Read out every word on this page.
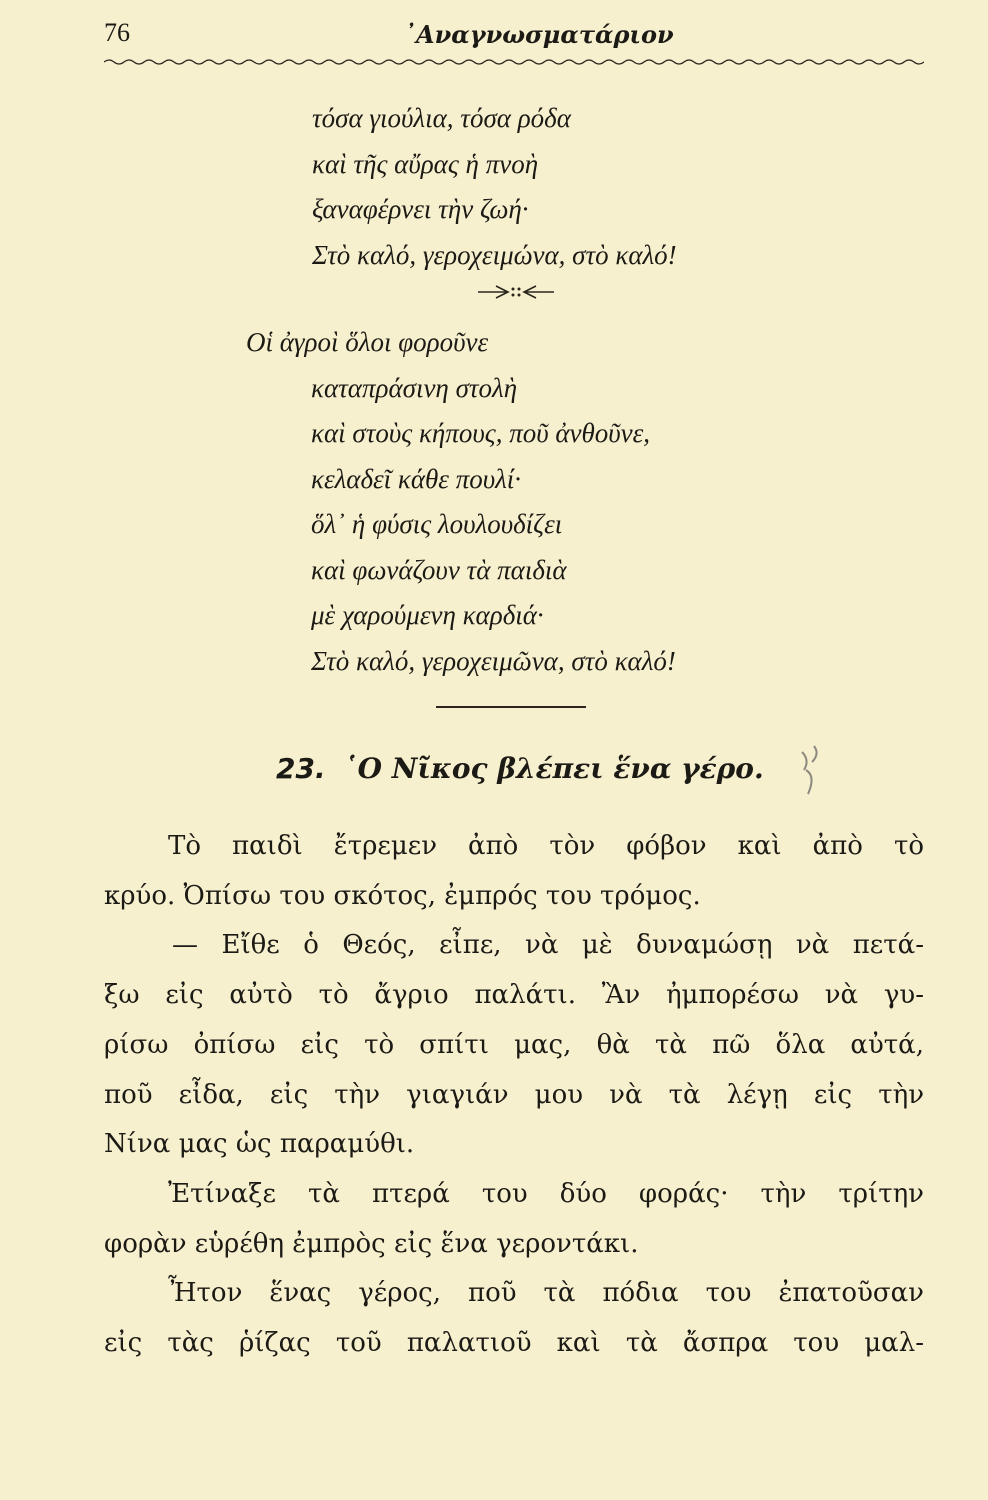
76	᾿Αναγνωσματάριον
τόσα γιούλια, τόσα ρόδα
καὶ τῆς αὔρας ἡ πνοὴ
ξαναφέρνει τὴν ζωή·
Στὸ καλό, γεροχειμώνα, στὸ καλό!
Οἱ ἀγροὶ ὅλοι φοροῦνε
καταπράσινη στολὴ
καὶ στοὺς κήπους, ποῦ ἀνθοῦνε,
κελαδεῖ κάθε πουλί·
ὅλ᾿ ἡ φύσις λουλουδίζει
καὶ φωνάζουν τὰ παιδιὰ
μὲ χαρούμενη καρδιά·
Στὸ καλό, γεροχειμῶνα, στὸ καλό!
23. ῾Ο Νῖκος βλέπει ἕνα γέρο.

Τὸ παιδὶ ἔτρεμεν ἀπὸ τὸν φόβον καὶ ἀπὸ τὸ
κρύο. Ὀπίσω του σκότος, ἐμπρός του τρόμος.

— Εἴθε ὁ Θεός, εἶπε, νὰ μὲ δυναμώσῃ νὰ πετά-
ξω εἰς αὐτὸ τὸ ἄγριο παλάτι. Ἂν ἠμπορέσω νὰ γυ-
ρίσω ὀπίσω εἰς τὸ σπίτι μας, θὰ τὰ πῶ ὅλα αὐτά,
ποῦ εἶδα, εἰς τὴν γιαγιάν μου νὰ τὰ λέγῃ εἰς τὴν
Νίνα μας ὡς παραμύθι.

Ἐτίναξε τὰ πτερά του δύο φοράς· τὴν τρίτην
φορὰν εὑρέθη ἐμπρὸς εἰς ἕνα γεροντάκι.

Ἦτον ἕνας γέρος, ποῦ τὰ πόδια του ἐπατοῦσαν
εἰς τὰς ῥίζας τοῦ παλατιοῦ καὶ τὰ ἄσπρα του μαλ-
